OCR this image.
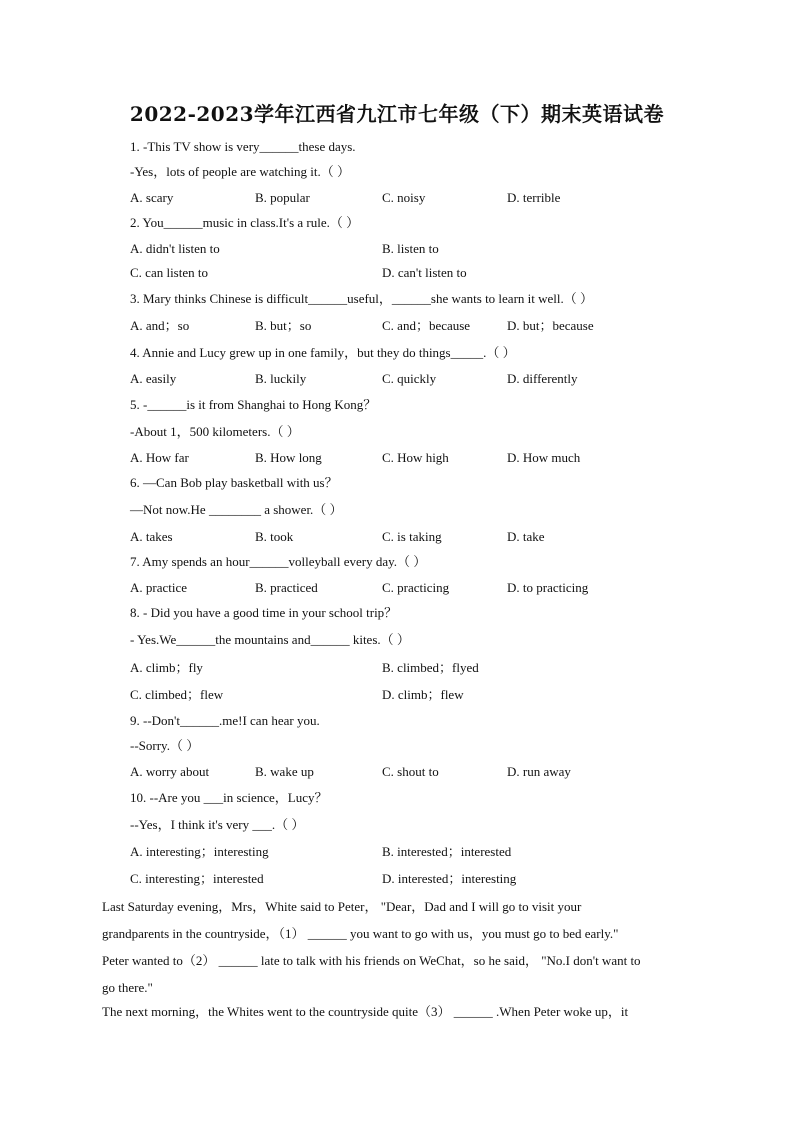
2022-2023学年江西省九江市七年级（下）期末英语试卷
1. -This TV show is very______these days.
-Yes，lots of people are watching it.（ ）
A. scary	B. popular	C. noisy	D. terrible
2. You______music in class.It's a rule.（ ）
A. didn't listen to	B. listen to
C. can listen to	D. can't listen to
3. Mary thinks Chinese is difficult______useful，______she wants to learn it well.（ ）
A. and；so	B. but；so	C. and；because	D. but；because
4. Annie and Lucy grew up in one family，but they do things_____.（ ）
A. easily	B. luckily	C. quickly	D. differently
5. -______is it from Shanghai to Hong Kong？
-About 1，500 kilometers.（ ）
A. How far	B. How long	C. How high	D. How much
6. —Can Bob play basketball with us？
—Not now.He ________ a shower.（ ）
A. takes	B. took	C. is taking	D. take
7. Amy spends an hour______volleyball every day.（ ）
A. practice	B. practiced	C. practicing	D. to practicing
8. - Did you have a good time in your school trip？
- Yes.We______the mountains and______ kites.（ ）
A. climb；fly	B. climbed；flyed
C. climbed；flew	D. climb；flew
9. --Don't______.me!I can hear you.
--Sorry.（ ）
A. worry about	B. wake up	C. shout to	D. run away
10. --Are you ___in science，Lucy？
--Yes，I think it's very ___.（ ）
A. interesting；interesting	B. interested；interested
C. interesting；interested	D. interested；interesting
Last Saturday evening，Mrs，White said to Peter， "Dear，Dad and I will go to visit your
grandparents in the countryside，（1） ______ you want to go with us，you must go to bed early."
Peter wanted to（2） ______ late to talk with his friends on WeChat，so he said， "No.I don't want to
go there."
The next morning，the Whites went to the countryside quite（3） ______ .When Peter woke up，it
